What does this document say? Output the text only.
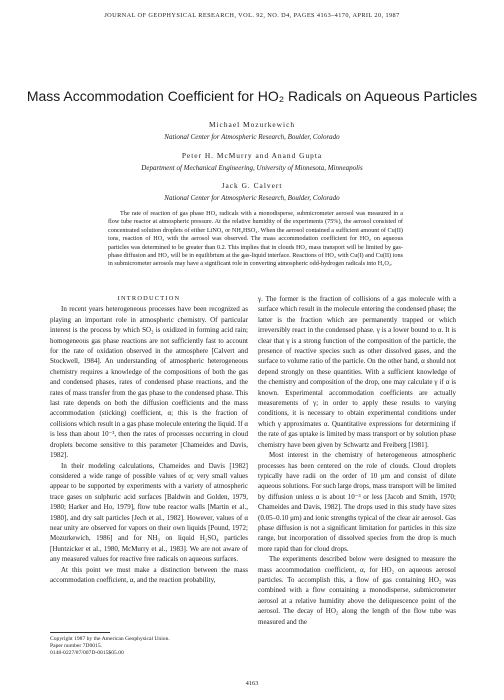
JOURNAL OF GEOPHYSICAL RESEARCH, VOL. 92, NO. D4, PAGES 4163–4170, APRIL 20, 1987
Mass Accommodation Coefficient for HO₂ Radicals on Aqueous Particles
Michael Mozurkewich
National Center for Atmospheric Research, Boulder, Colorado
Peter H. McMurry and Anand Gupta
Department of Mechanical Engineering, University of Minnesota, Minneapolis
Jack G. Calvert
National Center for Atmospheric Research, Boulder, Colorado

The rate of reaction of gas phase HO₂ radicals with a monodisperse, submicrometer aerosol was measured in a flow tube reactor at atmospheric pressure. At the relative humidity of the experiments (75%), the aerosol consisted of concentrated solution droplets of either LiNO₃ or NH₄HSO₄. When the aerosol contained a sufficient amount of Cu(II) ions, reaction of HO₂ with the aerosol was observed. The mass accommodation coefficient for HO₂ on aqueous particles was determined to be greater than 0.2. This implies that in clouds HO₂ mass transport will be limited by gas-phase diffusion and HO₂ will be in equilibrium at the gas-liquid interface. Reactions of HO₂ with Cu(I) and Cu(II) ions in submicrometer aerosols may have a significant role in converting atmospheric odd-hydrogen radicals into H₂O₂.

INTRODUCTION

In recent years heterogeneous processes have been recognized as playing an important role in atmospheric chemistry. Of particular interest is the process by which SO₂ is oxidized in forming acid rain; homogeneous gas phase reactions are not sufficiently fast to account for the rate of oxidation observed in the atmosphere [Calvert and Stockwell, 1984]. An understanding of atmospheric heterogeneous chemistry requires a knowledge of the compositions of both the gas and condensed phases, rates of condensed phase reactions, and the rates of mass transfer from the gas phase to the condensed phase. This last rate depends on both the diffusion coefficients and the mass accommodation (sticking) coefficient, α; this is the fraction of collisions which result in a gas phase molecule entering the liquid. If α is less than about 10⁻³, then the rates of processes occurring in cloud droplets become sensitive to this parameter [Chameides and Davis, 1982].

In their modeling calculations, Chameides and Davis [1982] considered a wide range of possible values of α; very small values appear to be supported by experiments with a variety of atmospheric trace gases on sulphuric acid surfaces [Baldwin and Golden, 1979, 1980; Harker and Ho, 1979], flow tube reactor walls [Martin et al., 1980], and dry salt particles [Jech et al., 1982]. However, values of α near unity are observed for vapors on their own liquids [Pound, 1972; Mozurkewich, 1986] and for NH₃ on liquid H₂SO₄ particles [Huntzicker et al., 1980, McMurry et al., 1983]. We are not aware of any measured values for reactive free radicals on aqueous surfaces.

At this point we must make a distinction between the mass accommodation coefficient, α, and the reaction probability,

Copyright 1987 by the American Geophysical Union.
Paper number 7D0015.
0148-0227/87/007D-0015$05.00

γ. The former is the fraction of collisions of a gas molecule with a surface which result in the molecule entering the condensed phase; the latter is the fraction which are permanently trapped or which irreversibly react in the condensed phase. γ is a lower bound to α. It is clear that γ is a strong function of the composition of the particle, the presence of reactive species such as other dissolved gases, and the surface to volume ratio of the particle. On the other hand, α should not depend strongly on these quantities. With a sufficient knowledge of the chemistry and composition of the drop, one may calculate γ if α is known. Experimental accommodation coefficients are actually measurements of γ; in order to apply these results to varying conditions, it is necessary to obtain experimental conditions under which γ approximates α. Quantitative expressions for determining if the rate of gas uptake is limited by mass transport or by solution phase chemistry have been given by Schwartz and Freiberg [1981].

Most interest in the chemistry of heterogeneous atmospheric processes has been centered on the role of clouds. Cloud droplets typically have radii on the order of 10 μm and consist of dilute aqueous solutions. For such large drops, mass transport will be limited by diffusion unless α is about 10⁻³ or less [Jacob and Smith, 1970; Chameides and Davis, 1982]. The drops used in this study have sizes (0.05–0.10 μm) and ionic strengths typical of the clear air aerosol. Gas phase diffusion is not a significant limitation for particles in this size range, but incorporation of dissolved species from the drop is much more rapid than for cloud drops.

The experiments described below were designed to measure the mass accommodation coefficient, α, for HO₂ on aqueous aerosol particles. To accomplish this, a flow of gas containing HO₂ was combined with a flow containing a monodisperse, submicrometer aerosol at a relative humidity above the deliquescence point of the aerosol. The decay of HO₂ along the length of the flow tube was measured and the

4163
